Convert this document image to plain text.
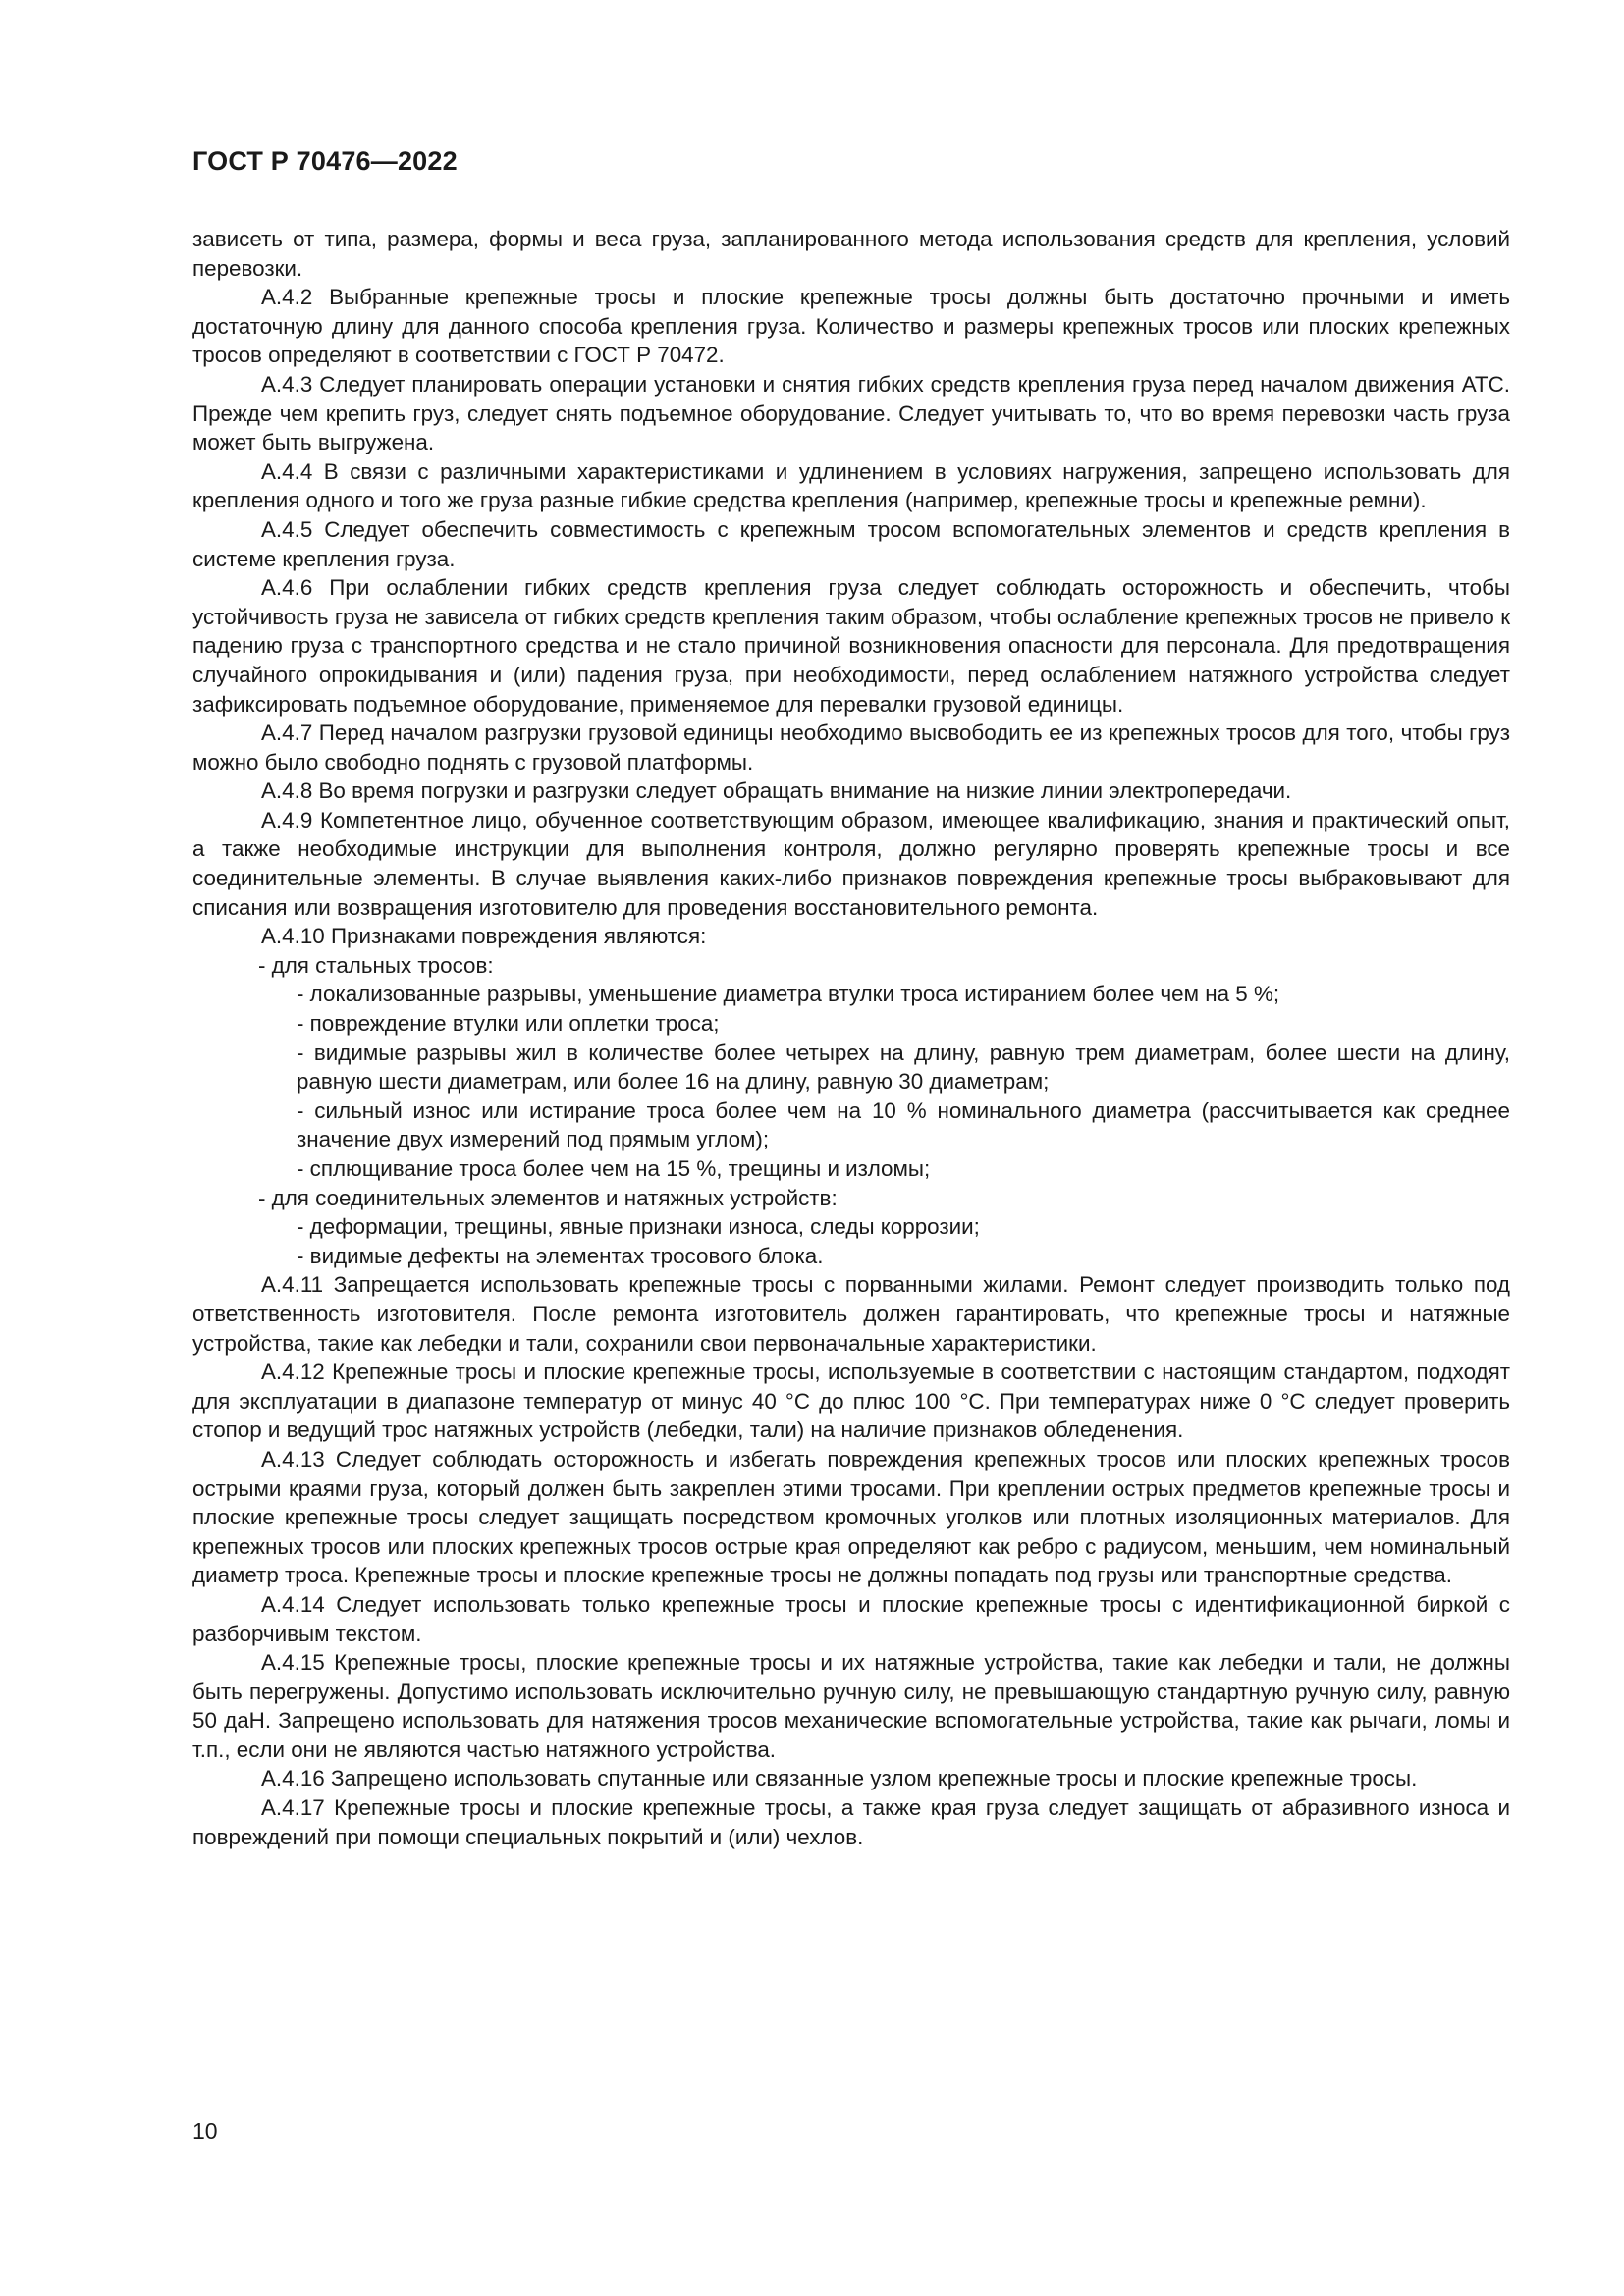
ГОСТ Р 70476—2022

зависеть от типа, размера, формы и веса груза, запланированного метода использования средств для крепления, условий перевозки.

А.4.2 Выбранные крепежные тросы и плоские крепежные тросы должны быть достаточно прочными и иметь достаточную длину для данного способа крепления груза. Количество и размеры крепежных тросов или плоских крепежных тросов определяют в соответствии с ГОСТ Р 70472.

А.4.3 Следует планировать операции установки и снятия гибких средств крепления груза перед началом движения АТС. Прежде чем крепить груз, следует снять подъемное оборудование. Следует учитывать то, что во время перевозки часть груза может быть выгружена.

А.4.4 В связи с различными характеристиками и удлинением в условиях нагружения, запрещено использовать для крепления одного и того же груза разные гибкие средства крепления (например, крепежные тросы и крепежные ремни).

А.4.5 Следует обеспечить совместимость с крепежным тросом вспомогательных элементов и средств крепления в системе крепления груза.

А.4.6 При ослаблении гибких средств крепления груза следует соблюдать осторожность и обеспечить, чтобы устойчивость груза не зависела от гибких средств крепления таким образом, чтобы ослабление крепежных тросов не привело к падению груза с транспортного средства и не стало причиной возникновения опасности для персонала. Для предотвращения случайного опрокидывания и (или) падения груза, при необходимости, перед ослаблением натяжного устройства следует зафиксировать подъемное оборудование, применяемое для перевалки грузовой единицы.

А.4.7 Перед началом разгрузки грузовой единицы необходимо высвободить ее из крепежных тросов для того, чтобы груз можно было свободно поднять с грузовой платформы.

А.4.8 Во время погрузки и разгрузки следует обращать внимание на низкие линии электропередачи.

А.4.9 Компетентное лицо, обученное соответствующим образом, имеющее квалификацию, знания и практический опыт, а также необходимые инструкции для выполнения контроля, должно регулярно проверять крепежные тросы и все соединительные элементы. В случае выявления каких-либо признаков повреждения крепежные тросы выбраковывают для списания или возвращения изготовителю для проведения восстановительного ремонта.

А.4.10 Признаками повреждения являются:

- для стальных тросов:

- локализованные разрывы, уменьшение диаметра втулки троса истиранием более чем на 5 %;

- повреждение втулки или оплетки троса;

- видимые разрывы жил в количестве более четырех на длину, равную трем диаметрам, более шести на длину, равную шести диаметрам, или более 16 на длину, равную 30 диаметрам;

- сильный износ или истирание троса более чем на 10 % номинального диаметра (рассчитывается как среднее значение двух измерений под прямым углом);

- сплющивание троса более чем на 15 %, трещины и изломы;

- для соединительных элементов и натяжных устройств:

- деформации, трещины, явные признаки износа, следы коррозии;

- видимые дефекты на элементах тросового блока.

А.4.11 Запрещается использовать крепежные тросы с порванными жилами. Ремонт следует производить только под ответственность изготовителя. После ремонта изготовитель должен гарантировать, что крепежные тросы и натяжные устройства, такие как лебедки и тали, сохранили свои первоначальные характеристики.

А.4.12 Крепежные тросы и плоские крепежные тросы, используемые в соответствии с настоящим стандартом, подходят для эксплуатации в диапазоне температур от минус 40 °С до плюс 100 °С. При температурах ниже 0 °С следует проверить стопор и ведущий трос натяжных устройств (лебедки, тали) на наличие признаков обледенения.

А.4.13 Следует соблюдать осторожность и избегать повреждения крепежных тросов или плоских крепежных тросов острыми краями груза, который должен быть закреплен этими тросами. При креплении острых предметов крепежные тросы и плоские крепежные тросы следует защищать посредством кромочных уголков или плотных изоляционных материалов. Для крепежных тросов или плоских крепежных тросов острые края определяют как ребро с радиусом, меньшим, чем номинальный диаметр троса. Крепежные тросы и плоские крепежные тросы не должны попадать под грузы или транспортные средства.

А.4.14 Следует использовать только крепежные тросы и плоские крепежные тросы с идентификационной биркой с разборчивым текстом.

А.4.15 Крепежные тросы, плоские крепежные тросы и их натяжные устройства, такие как лебедки и тали, не должны быть перегружены. Допустимо использовать исключительно ручную силу, не превышающую стандартную ручную силу, равную 50 даН. Запрещено использовать для натяжения тросов механические вспомогательные устройства, такие как рычаги, ломы и т.п., если они не являются частью натяжного устройства.

А.4.16 Запрещено использовать спутанные или связанные узлом крепежные тросы и плоские крепежные тросы.

А.4.17 Крепежные тросы и плоские крепежные тросы, а также края груза следует защищать от абразивного износа и повреждений при помощи специальных покрытий и (или) чехлов.

10
